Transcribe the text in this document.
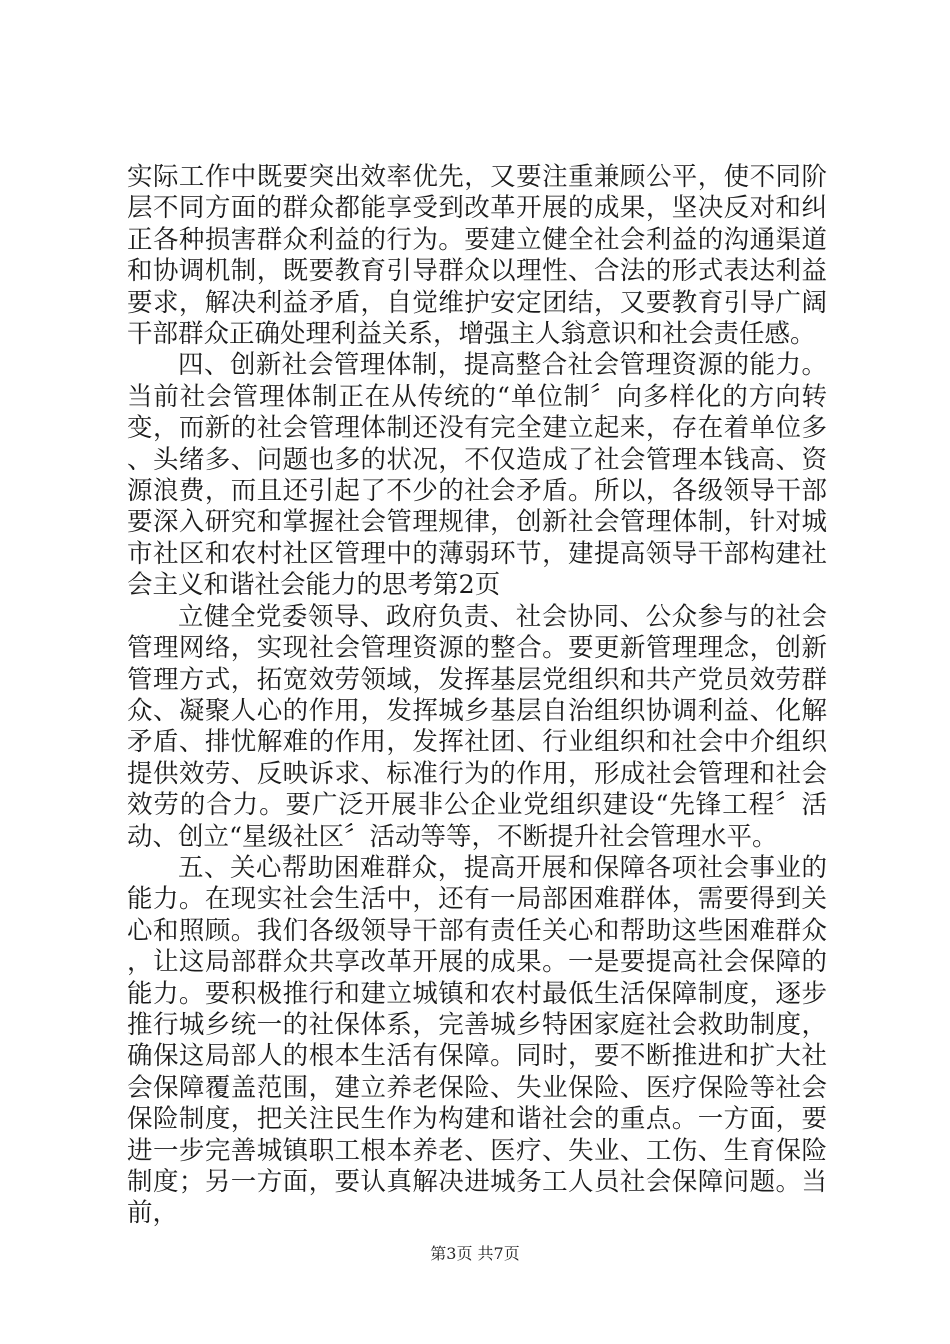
实际工作中既要突出效率优先，又要注重兼顾公平，使不同阶层不同方面的群众都能享受到改革开展的成果，坚决反对和纠正各种损害群众利益的行为。要建立健全社会利益的沟通渠道和协调机制，既要教育引导群众以理性、合法的形式表达利益要求，解决利益矛盾，自觉维护安定团结，又要教育引导广阔干部群众正确处理利益关系，增强主人翁意识和社会责任感。

四、创新社会管理体制，提高整合社会管理资源的能力。当前社会管理体制正在从传统的“单位制〞向多样化的方向转变，而新的社会管理体制还没有完全建立起来，存在着单位多、头绪多、问题也多的状况，不仅造成了社会管理本钱高、资源浪费，而且还引起了不少的社会矛盾。所以，各级领导干部要深入研究和掌握社会管理规律，创新社会管理体制，针对城市社区和农村社区管理中的薄弱环节，建提高领导干部构建社会主义和谐社会能力的思考第2页

立健全党委领导、政府负责、社会协同、公众参与的社会管理网络，实现社会管理资源的整合。要更新管理理念，创新管理方式，拓宽效劳领域，发挥基层党组织和共产党员效劳群众、凝聚人心的作用，发挥城乡基层自治组织协调利益、化解矛盾、排忧解难的作用，发挥社团、行业组织和社会中介组织提供效劳、反映诉求、标准行为的作用，形成社会管理和社会效劳的合力。要广泛开展非公企业党组织建设“先锋工程〞活动、创立“星级社区〞活动等等，不断提升社会管理水平。

五、关心帮助困难群众，提高开展和保障各项社会事业的能力。在现实社会生活中，还有一局部困难群体，需要得到关心和照顾。我们各级领导干部有责任关心和帮助这些困难群众，让这局部群众共享改革开展的成果。一是要提高社会保障的能力。要积极推行和建立城镇和农村最低生活保障制度，逐步推行城乡统一的社保体系，完善城乡特困家庭社会救助制度，确保这局部人的根本生活有保障。同时，要不断推进和扩大社会保障覆盖范围，建立养老保险、失业保险、医疗保险等社会保险制度，把关注民生作为构建和谐社会的重点。一方面，要进一步完善城镇职工根本养老、医疗、失业、工伤、生育保险制度；另一方面，要认真解决进城务工人员社会保障问题。当前，

第3页 共7页
